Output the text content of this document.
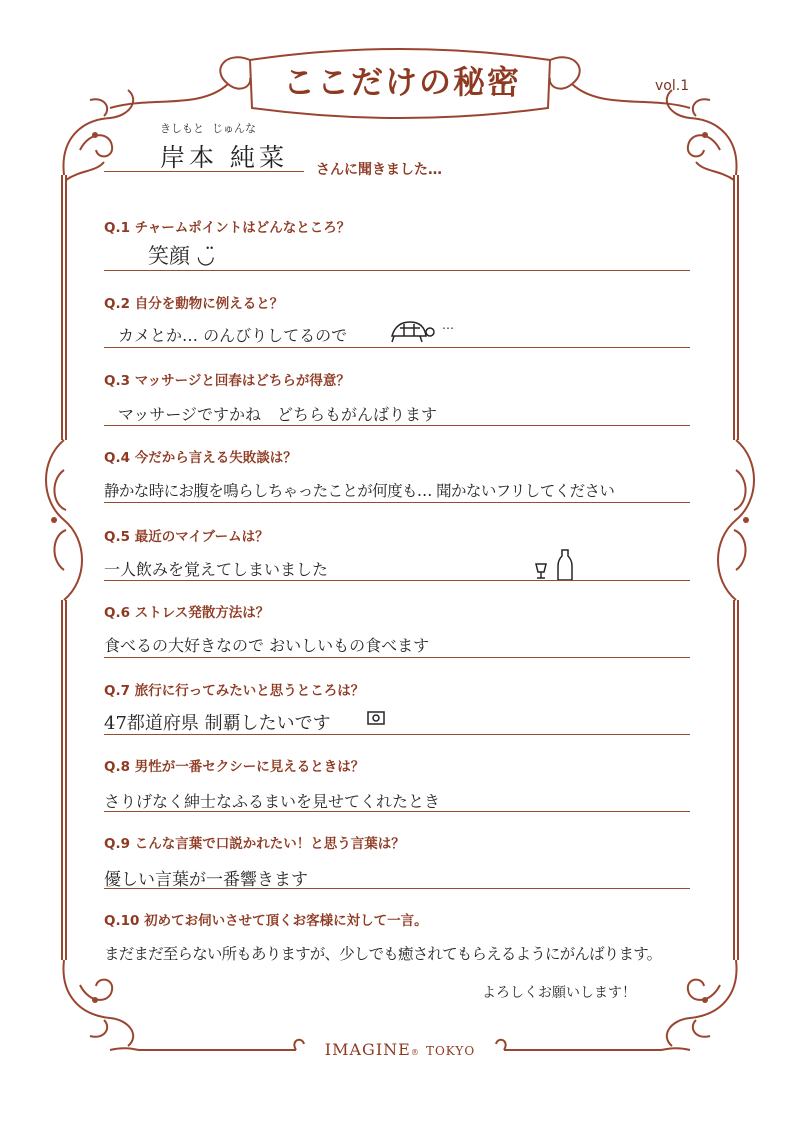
ここだけの秘密	vol.1
きしもと じゅんな
岸本 純菜 さんに聞きました…
Q.1 チャームポイントはどんなところ？
笑顔 ◡̈
Q.2 自分を動物に例えると？
カメとか… のんびりしてるので
…
Q.3 マッサージと回春はどちらが得意？
マッサージですかね　どちらもがんばります
Q.4 今だから言える失敗談は？
静かな時にお腹を鳴らしちゃったことが何度も… 聞かないフリしてください
Q.5 最近のマイブームは？
一人飲みを覚えてしまいました
Q.6 ストレス発散方法は？
食べるの大好きなので おいしいもの食べます
Q.7 旅行に行ってみたいと思うところは？
47都道府県 制覇したいです
Q.8 男性が一番セクシーに見えるときは？
さりげなく紳士なふるまいを見せてくれたとき
Q.9 こんな言葉で口説かれたい！と思う言葉は？
優しい言葉が一番響きます
Q.10 初めてお伺いさせて頂くお客様に対して一言。
まだまだ至らない所もありますが、少しでも癒されてもらえるようにがんばります。
よろしくお願いします！
IMAGINE® TOKYO
